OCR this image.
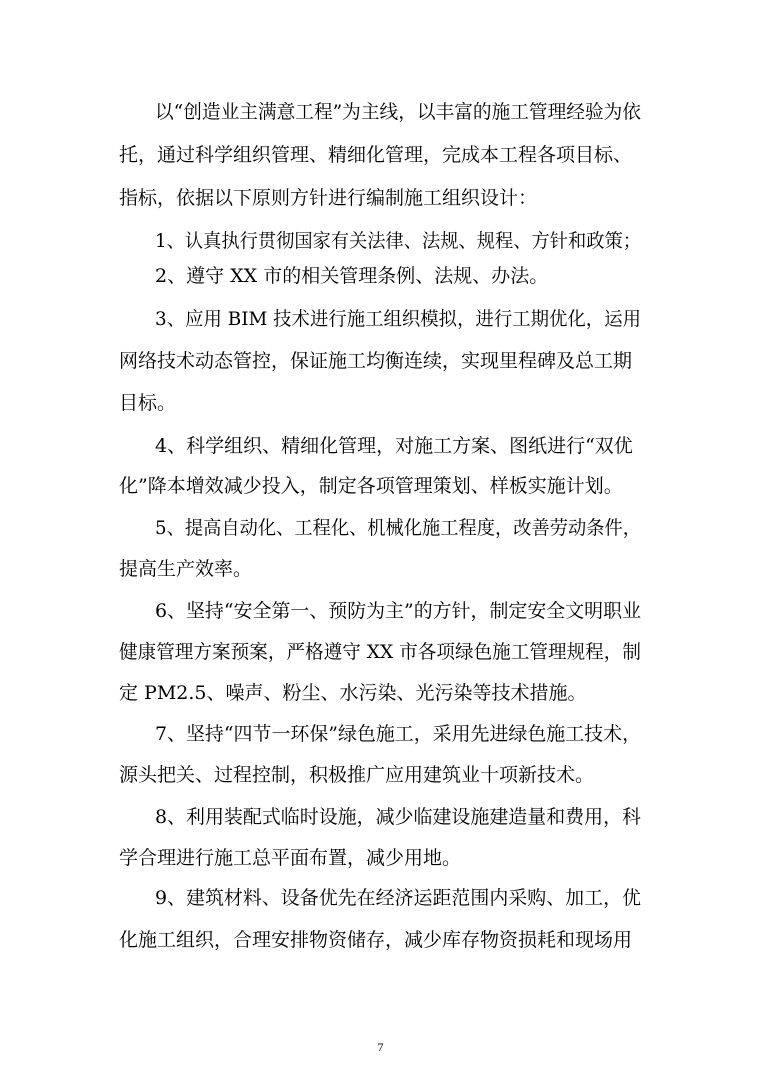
以“创造业主满意工程”为主线，以丰富的施工管理经验为依
托，通过科学组织管理、精细化管理，完成本工程各项目标、
指标，依据以下原则方针进行编制施工组织设计：
1、认真执行贯彻国家有关法律、法规、规程、方针和政策；
2、遵守 XX 市的相关管理条例、法规、办法。
3、应用 BIM 技术进行施工组织模拟，进行工期优化，运用
网络技术动态管控，保证施工均衡连续，实现里程碑及总工期
目标。
4、科学组织、精细化管理，对施工方案、图纸进行“双优
化”降本增效减少投入，制定各项管理策划、样板实施计划。
5、提高自动化、工程化、机械化施工程度，改善劳动条件，
提高生产效率。
6、坚持“安全第一、预防为主”的方针，制定安全文明职业
健康管理方案预案，严格遵守 XX 市各项绿色施工管理规程，制
定 PM2.5、噪声、粉尘、水污染、光污染等技术措施。
7、坚持“四节一环保”绿色施工，采用先进绿色施工技术，
源头把关、过程控制，积极推广应用建筑业十项新技术。
8、利用装配式临时设施，减少临建设施建造量和费用，科
学合理进行施工总平面布置，减少用地。
9、建筑材料、设备优先在经济运距范围内采购、加工，优
化施工组织，合理安排物资储存，减少库存物资损耗和现场用
7
